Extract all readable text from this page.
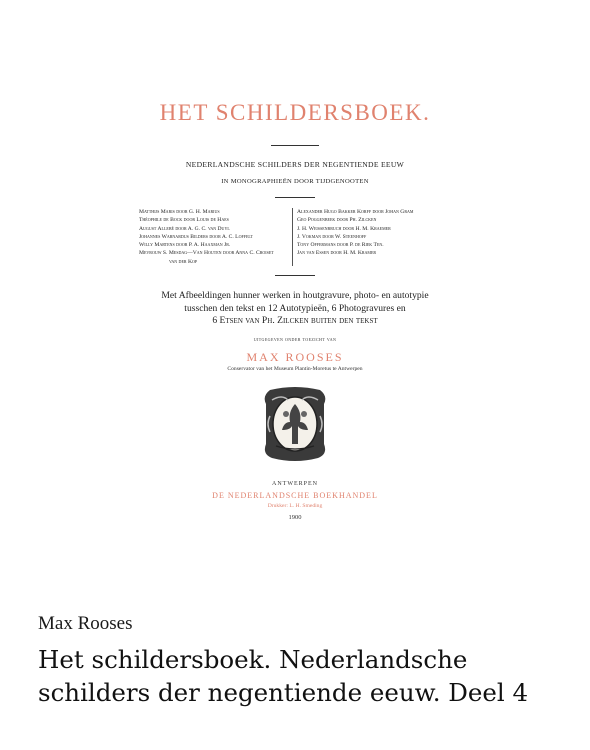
HET SCHILDERSBOEK.
NEDERLANDSCHE SCHILDERS DER NEGENTIENDE EEUW
IN MONOGRAPHIEËN DOOR TIJDGENOOTEN
Matthijs Maris door G. H. Marius
Théophile de Bock door Louis de Haes
August Allebé door A. G. C. van Duyl
Johannes Warnardus Bilders door A. C. Loffelt
Willy Martens door P. A. Haaxman Jr.
Mevrouw S. Mesdag—Van Houten door Anna C. Croiset
van der Kop
Alexander Hugo Bakker Korff door Johan Gram
Geo Poggenbeek door Ph. Zilcken
J. H. Weissenbruch door H. M. Kraemer
J. Vokman door W. Steenhoff
Tony Offermans door P. de Riek Ten.
Jan van Essen door H. M. Kramer
Met Afbeeldingen hunner werken in houtgravure, photo- en autotypie
tusschen den tekst en 12 Autotypieën, 6 Photogravures en
6 Etsen van Ph. Zilcken buiten den tekst
uitgegeven onder toezicht van
MAX ROOSES
Conservator van het Museum Plantin-Moretus te Antwerpen
ANTWERPEN
DE NEDERLANDSCHE BOEKHANDEL
Drukker: L. H. Smeding
1900
Max Rooses
Het schildersboek. Nederlandsche schilders der negentiende eeuw. Deel 4
